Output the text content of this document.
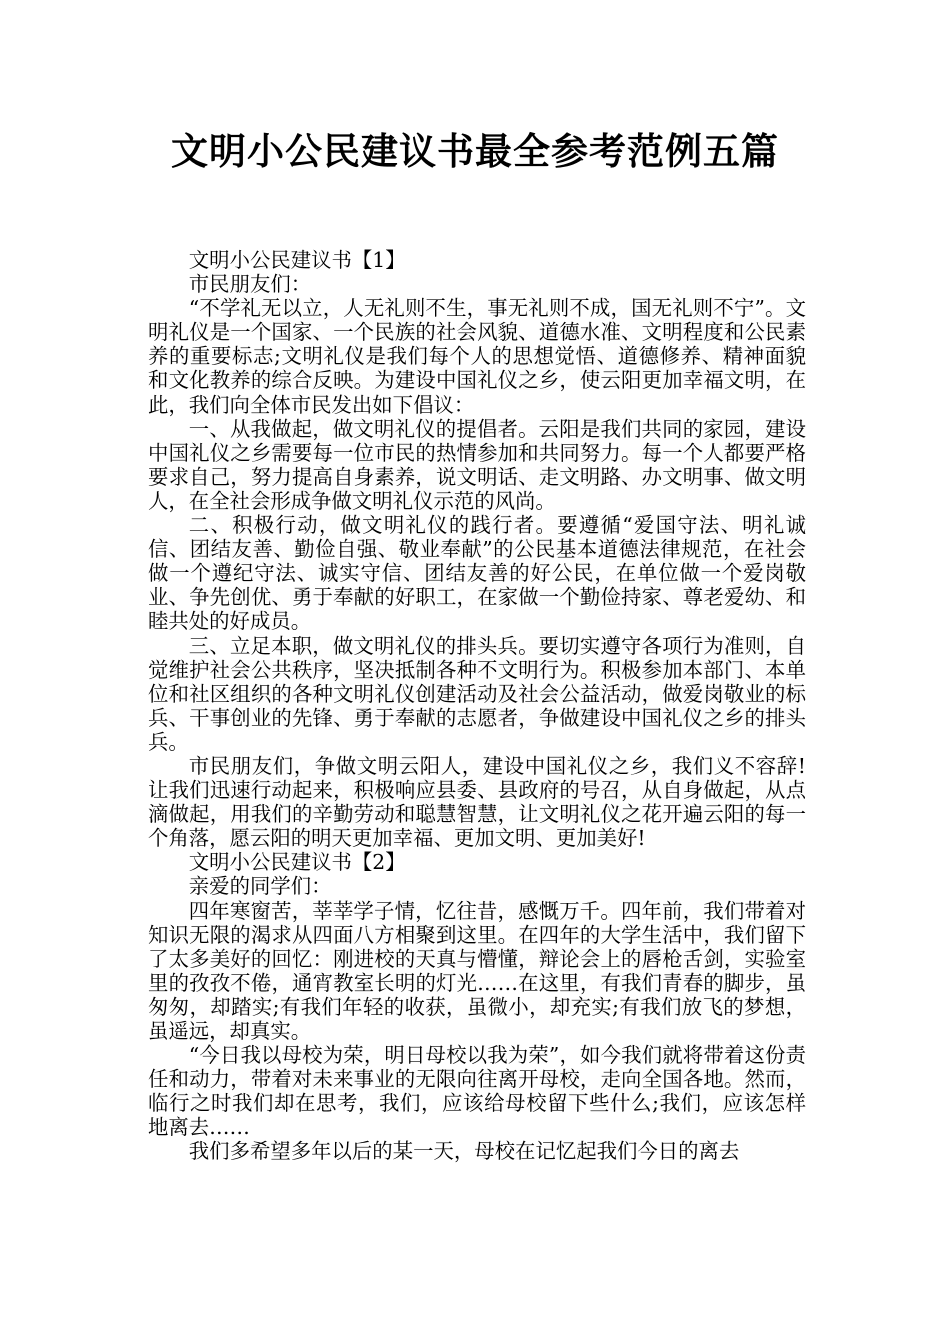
文明小公民建议书最全参考范例五篇

文明小公民建议书【1】

市民朋友们：

“不学礼无以立，人无礼则不生，事无礼则不成，国无礼则不宁”。文明礼仪是一个国家、一个民族的社会风貌、道德水准、文明程度和公民素养的重要标志;文明礼仪是我们每个人的思想觉悟、道德修养、精神面貌和文化教养的综合反映。为建设中国礼仪之乡，使云阳更加幸福文明，在此，我们向全体市民发出如下倡议：

一、从我做起，做文明礼仪的提倡者。云阳是我们共同的家园，建设中国礼仪之乡需要每一位市民的热情参加和共同努力。每一个人都要严格要求自己，努力提高自身素养，说文明话、走文明路、办文明事、做文明人，在全社会形成争做文明礼仪示范的风尚。

二、积极行动，做文明礼仪的践行者。要遵循“爱国守法、明礼诚信、团结友善、勤俭自强、敬业奉献”的公民基本道德法律规范，在社会做一个遵纪守法、诚实守信、团结友善的好公民，在单位做一个爱岗敬业、争先创优、勇于奉献的好职工，在家做一个勤俭持家、尊老爱幼、和睦共处的好成员。

三、立足本职，做文明礼仪的排头兵。要切实遵守各项行为准则，自觉维护社会公共秩序，坚决抵制各种不文明行为。积极参加本部门、本单位和社区组织的各种文明礼仪创建活动及社会公益活动，做爱岗敬业的标兵、干事创业的先锋、勇于奉献的志愿者，争做建设中国礼仪之乡的排头兵。

市民朋友们，争做文明云阳人，建设中国礼仪之乡，我们义不容辞!让我们迅速行动起来，积极响应县委、县政府的号召，从自身做起，从点滴做起，用我们的辛勤劳动和聪慧智慧，让文明礼仪之花开遍云阳的每一个角落，愿云阳的明天更加幸福、更加文明、更加美好!

文明小公民建议书【2】

亲爱的同学们：

四年寒窗苦，莘莘学子情，忆往昔，感慨万千。四年前，我们带着对知识无限的渴求从四面八方相聚到这里。在四年的大学生活中，我们留下了太多美好的回忆：刚进校的天真与懵懂，辩论会上的唇枪舌剑，实验室里的孜孜不倦，通宵教室长明的灯光……在这里，有我们青春的脚步，虽匆匆，却踏实;有我们年轻的收获，虽微小，却充实;有我们放飞的梦想，虽遥远，却真实。

“今日我以母校为荣，明日母校以我为荣”，如今我们就将带着这份责任和动力，带着对未来事业的无限向往离开母校，走向全国各地。然而，临行之时我们却在思考，我们，应该给母校留下些什么;我们，应该怎样地离去……

我们多希望多年以后的某一天，母校在记忆起我们今日的离去
